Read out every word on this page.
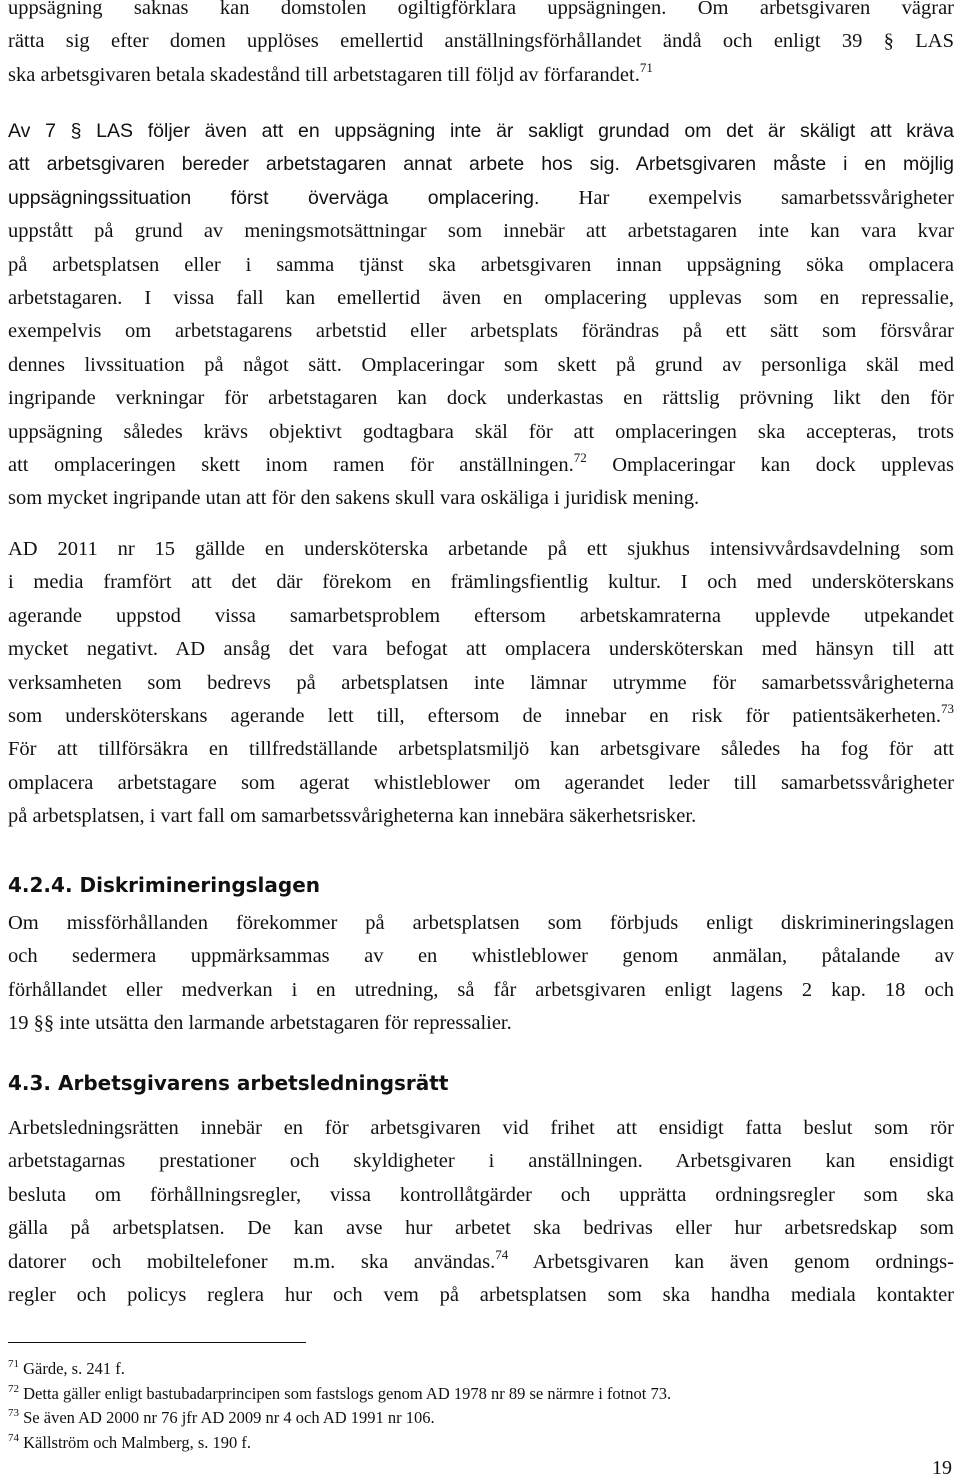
uppsägning saknas kan domstolen ogiltigförklara uppsägningen. Om arbetsgivaren vägrar
rätta sig efter domen upplöses emellertid anställningsförhållandet ändå och enligt 39 § LAS
ska arbetsgivaren betala skadestånd till arbetstagaren till följd av förfarandet.$^{71}$
Av 7 § LAS följer även att en uppsägning inte är sakligt grundad om det är skäligt att kräva
att arbetsgivaren bereder arbetstagaren annat arbete hos sig. Arbetsgivaren måste i en möjlig
uppsägningssituation först överväga omplacering. Har exempelvis samarbetssvårigheter
uppstått på grund av meningsmotsättningar som innebär att arbetstagaren inte kan vara kvar
på arbetsplatsen eller i samma tjänst ska arbetsgivaren innan uppsägning söka omplacera
arbetstagaren. I vissa fall kan emellertid även en omplacering upplevas som en repressalie,
exempelvis om arbetstagarens arbetstid eller arbetsplats förändras på ett sätt som försvårar
dennes livssituation på något sätt. Omplaceringar som skett på grund av personliga skäl med
ingripande verkningar för arbetstagaren kan dock underkastas en rättslig prövning likt den för
uppsägning således krävs objektivt godtagbara skäl för att omplaceringen ska accepteras, trots
att omplaceringen skett inom ramen för anställningen.$^{72}$ Omplaceringar kan dock upplevas
som mycket ingripande utan att för den sakens skull vara oskäliga i juridisk mening.
AD 2011 nr 15 gällde en undersköterska arbetande på ett sjukhus intensivvårdsavdelning som
i media framfört att det där förekom en främlingsfientlig kultur. I och med undersköterskans
agerande uppstod vissa samarbetsproblem eftersom arbetskamraterna upplevde utpekandet
mycket negativt. AD ansåg det vara befogat att omplacera undersköterskan med hänsyn till att
verksamheten som bedrevs på arbetsplatsen inte lämnar utrymme för samarbetssvårigheterna
som undersköterskans agerande lett till, eftersom de innebar en risk för patientsäkerheten.$^{73}$
För att tillförsäkra en tillfredställande arbetsplatsmiljö kan arbetsgivare således ha fog för att
omplacera arbetstagare som agerat whistleblower om agerandet leder till samarbetssvårigheter
på arbetsplatsen, i vart fall om samarbetssvårigheterna kan innebära säkerhetsrisker.
4.2.4. Diskrimineringslagen
Om missförhållanden förekommer på arbetsplatsen som förbjuds enligt diskrimineringslagen
och sedermera uppmärksammas av en whistleblower genom anmälan, påtalande av
förhållandet eller medverkan i en utredning, så får arbetsgivaren enligt lagens 2 kap. 18 och
19 §§ inte utsätta den larmande arbetstagaren för repressalier.
4.3. Arbetsgivarens arbetsledningsrätt
Arbetsledningsrätten innebär en för arbetsgivaren vid frihet att ensidigt fatta beslut som rör
arbetstagarnas prestationer och skyldigheter i anställningen. Arbetsgivaren kan ensidigt
besluta om förhållningsregler, vissa kontrollåtgärder och upprätta ordningsregler som ska
gälla på arbetsplatsen. De kan avse hur arbetet ska bedrivas eller hur arbetsredskap som
datorer och mobiltelefoner m.m. ska användas.$^{74}$ Arbetsgivaren kan även genom ordnings-
regler och policys reglera hur och vem på arbetsplatsen som ska handha mediala kontakter
$^{71}$ Gärde, s. 241 f.
$^{72}$ Detta gäller enligt bastubadarprincipen som fastslogs genom AD 1978 nr 89 se närmre i fotnot 73.
$^{73}$ Se även AD 2000 nr 76 jfr AD 2009 nr 4 och AD 1991 nr 106.
$^{74}$ Källström och Malmberg, s. 190 f.
19
